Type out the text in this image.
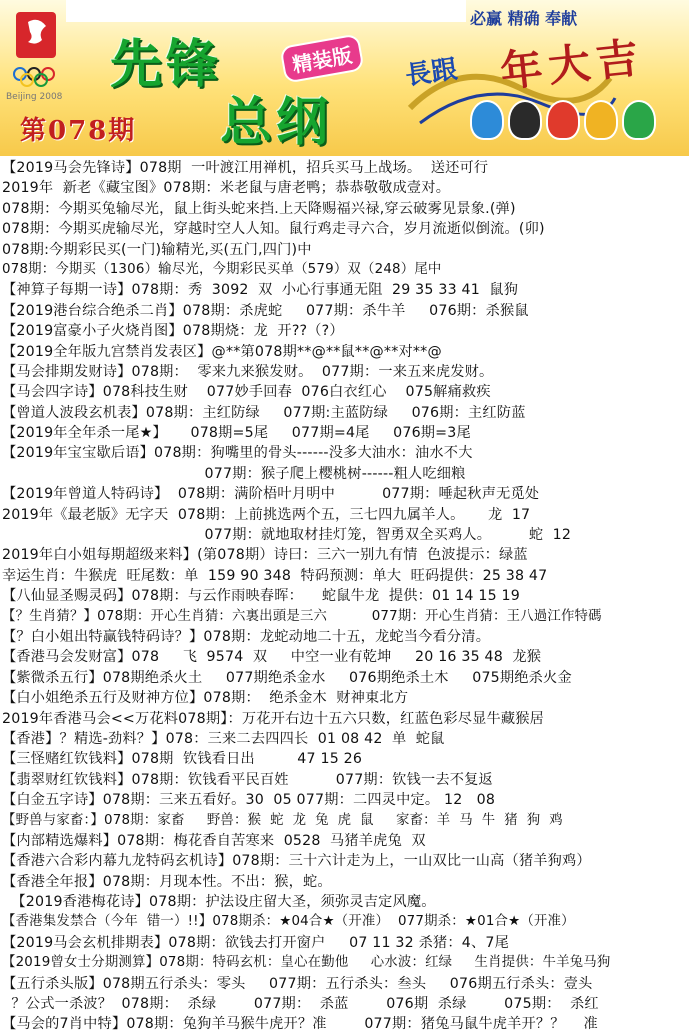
Beijing 2008
先锋
总纲
精装版
第078期
必赢 精确 奉献
長跟 年大吉
【2019马会先锋诗】078期  一叶渡江用禅机，招兵买马上战场。  送还可行
2019年  新老《藏宝图》078期：米老鼠与唐老鸭；恭恭敬敬成壹对。
078期：今期买兔输尽光，鼠上街头蛇来挡.上天降赐福兴禄,穿云破雾见景象.(弹)
078期：今期买虎输尽光，穿越时空人人知。鼠行鸡走寻六合，岁月流逝似倒流。(卯)
078期:今期彩民买(一门)输精光,买(五门,四门)中
078期：今期买（1306）输尽光，今期彩民买单（579）双（248）尾中
【神算子每期一诗】078期：秀  3092  双  小心行事通无阻  29 35 33 41  鼠狗
【2019港台综合绝杀二肖】078期：杀虎蛇     077期：杀牛羊     076期：杀猴鼠
【2019富豪小子火烧肖图】078期烧：龙  开??（?）
【2019全年版九宫禁肖发表区】@**第078期**@**鼠**@**对**@
【马会排期发财诗】078期：  零来九来猴发财。  077期：一来五来虎发财。
【马会四字诗】078科技生财    077妙手回春  076白衣红心    075解痛救疾
【曾道人波段玄机表】078期：主红防绿     077期:主蓝防绿     076期：主红防蓝
【2019年全年杀一尾★】     078期=5尾     077期=4尾     076期=3尾
【2019年宝宝歇后语】078期：狗嘴里的骨头------没多大油水：油水不大
077期：猴子爬上樱桃树------粗人吃细粮
【2019年曾道人特码诗】  078期：满阶梧叶月明中          077期：唾起秋声无觅处
2019年《最老版》无字天  078期：上前挑选两个五，三七四九属羊人。     龙  17
077期：就地取材挂灯笼，智勇双全买鸡人。        蛇  12
2019年白小姐每期超级来料】(第078期）诗曰：三六一别九有情  色波提示：绿蓝
幸运生肖：牛猴虎  旺尾数：单  159 90 348  特码预测：单大  旺码提供：25 38 47
【八仙显圣赐灵码】078期：与云作雨映春晖：    蛇鼠牛龙  提供：01 14 15 19
【？生肖猜？】078期：开心生肖猜：六裏出頭是三六          077期：开心生肖猜：王八過江作特碼
【？白小姐出特赢钱特码诗？】078期：龙蛇动地二十五，龙蛇当今看分清。
【香港马会发财富】078     飞  9574  双     中空一业有乾坤     20 16 35 48  龙猴
【紫微杀五行】078期绝杀火土     077期绝杀金水     076期绝杀土木     075期绝杀火金
【白小姐绝杀五行及财神方位】078期：  绝杀金木  财神東北方
2019年香港马会<<万花料078期】：万花开右边十五六只数，红蓝色彩尽显牛藏猴居
【香港】？精选-劲料？】078：三来二去四四长  01 08 42  单  蛇鼠
【三怪赌红钦钱料】078期  钦钱看日出         47 15 26
【翡翠财红钦钱料】078期：钦钱看平民百姓          077期：钦钱一去不复返
【白金五字诗】078期：三来五看好。30  05 077期：二四灵中定。 12   08
【野兽与家畜：】078期：家畜     野兽：猴  蛇  龙  兔  虎  鼠     家畜：羊  马  牛  猪  狗  鸡
【内部精选爆料】078期：梅花香自苦寒来  0528  马猪羊虎兔  双
【香港六合彩内幕九龙特码玄机诗】078期：三十六计走为上，一山双比一山高（猪羊狗鸡）
【香港全年报】078期：月现本性。不出：猴，蛇。
【2019香港梅花诗】078期：护法设庄留大圣，须弥灵吉定风魔。
【香港集发禁合（今年  错一）!!】078期杀：★04合★（开准）  077期杀：★01合★（开准）
【2019马会玄机排期表】078期：欲钱去打开窗户     07 11 32 杀猪：4、7尾
【2019曾女士分期测算】078期：特码玄机：皇心在勤他     心水波：红绿     生肖提供：牛羊兔马狗
【五行杀头版】078期五行杀头：零头     077期：五行杀头：叁头     076期五行杀头：壹头
？公式一杀波？  078期：  杀绿        077期：  杀蓝        076期  杀绿        075期：  杀红
【马会的7肖中特】078期：兔狗羊马猴牛虎开？准        077期：猪兔马鼠牛虎羊开？？    准
